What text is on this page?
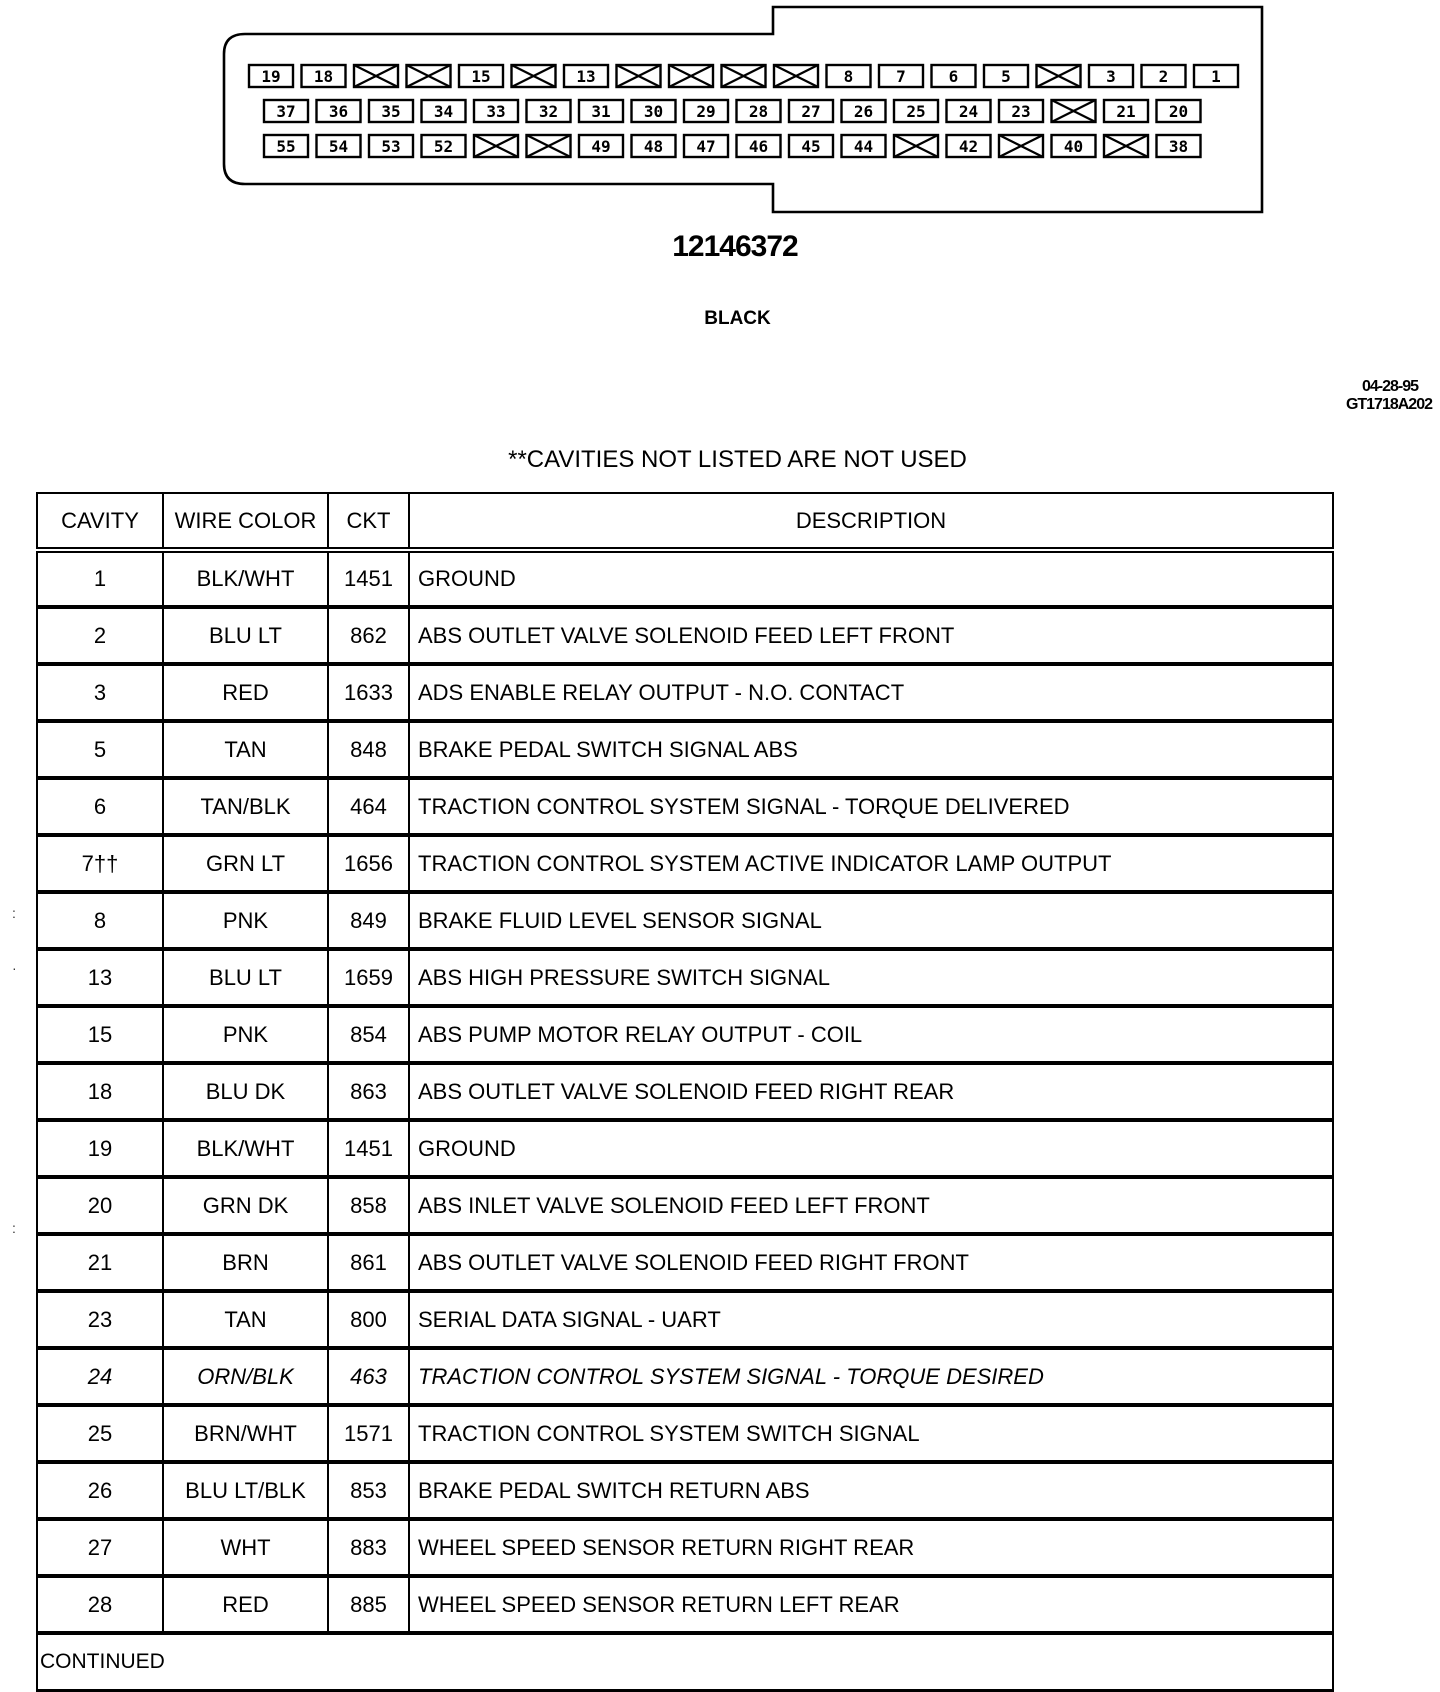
19 18	15	13	8	7	6	5	3	2	1
37 36 35 34 33 32 31 30 29 28 27 26 25 24 23	21 20
55 54 53 52	49 48 47 46 45 44	42	40	38
12146372
BLACK
04-28-95
GT1718A202
**CAVITIES NOT LISTED ARE NOT USED
CAVITY	WIRE COLOR	CKT	DESCRIPTION
1	BLK/WHT	1451	GROUND
2	BLU LT	862	ABS OUTLET VALVE SOLENOID FEED LEFT FRONT
3	RED	1633	ADS ENABLE RELAY OUTPUT - N.O. CONTACT
5	TAN	848	BRAKE PEDAL SWITCH SIGNAL ABS
6	TAN/BLK	464	TRACTION CONTROL SYSTEM SIGNAL - TORQUE DELIVERED
7††	GRN LT	1656	TRACTION CONTROL SYSTEM ACTIVE INDICATOR LAMP OUTPUT
8	PNK	849	BRAKE FLUID LEVEL SENSOR SIGNAL
13	BLU LT	1659	ABS HIGH PRESSURE SWITCH SIGNAL
15	PNK	854	ABS PUMP MOTOR RELAY OUTPUT - COIL
18	BLU DK	863	ABS OUTLET VALVE SOLENOID FEED RIGHT REAR
19	BLK/WHT	1451	GROUND
20	GRN DK	858	ABS INLET VALVE SOLENOID FEED LEFT FRONT
21	BRN	861	ABS OUTLET VALVE SOLENOID FEED RIGHT FRONT
23	TAN	800	SERIAL DATA SIGNAL - UART
24	ORN/BLK	463	TRACTION CONTROL SYSTEM SIGNAL - TORQUE DESIRED
25	BRN/WHT	1571	TRACTION CONTROL SYSTEM SWITCH SIGNAL
26	BLU LT/BLK	853	BRAKE PEDAL SWITCH RETURN ABS
27	WHT	883	WHEEL SPEED SENSOR RETURN RIGHT REAR
28	RED	885	WHEEL SPEED SENSOR RETURN LEFT REAR
CONTINUED			
:
·
:
